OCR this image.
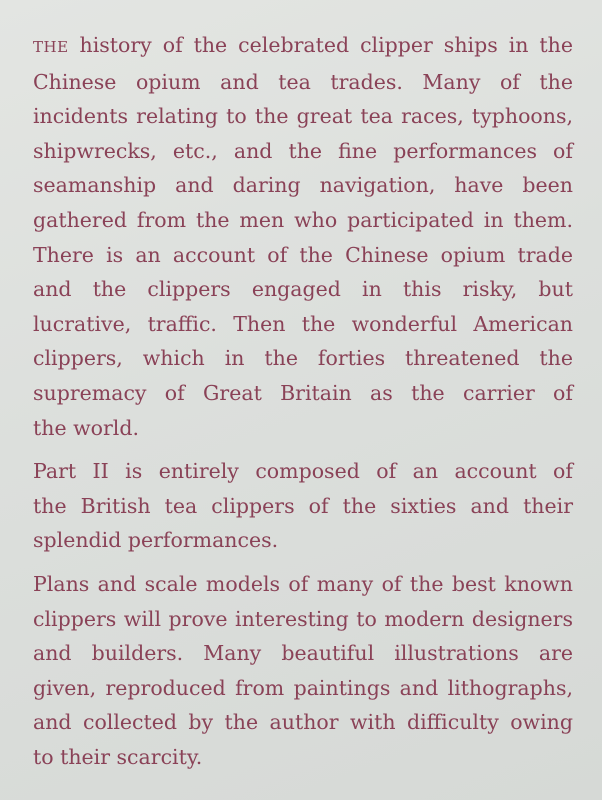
THE history of the celebrated clipper ships in the
Chinese opium and tea trades. Many of the
incidents relating to the great tea races, typhoons,
shipwrecks, etc., and the fine performances of
seamanship and daring navigation, have been
gathered from the men who participated in them.
There is an account of the Chinese opium trade
and the clippers engaged in this risky, but
lucrative, traffic. Then the wonderful American
clippers, which in the forties threatened the
supremacy of Great Britain as the carrier of
the world.

Part II is entirely composed of an account of
the British tea clippers of the sixties and their
splendid performances.

Plans and scale models of many of the best known
clippers will prove interesting to modern designers
and builders. Many beautiful illustrations are
given, reproduced from paintings and lithographs,
and collected by the author with difficulty owing
to their scarcity.
